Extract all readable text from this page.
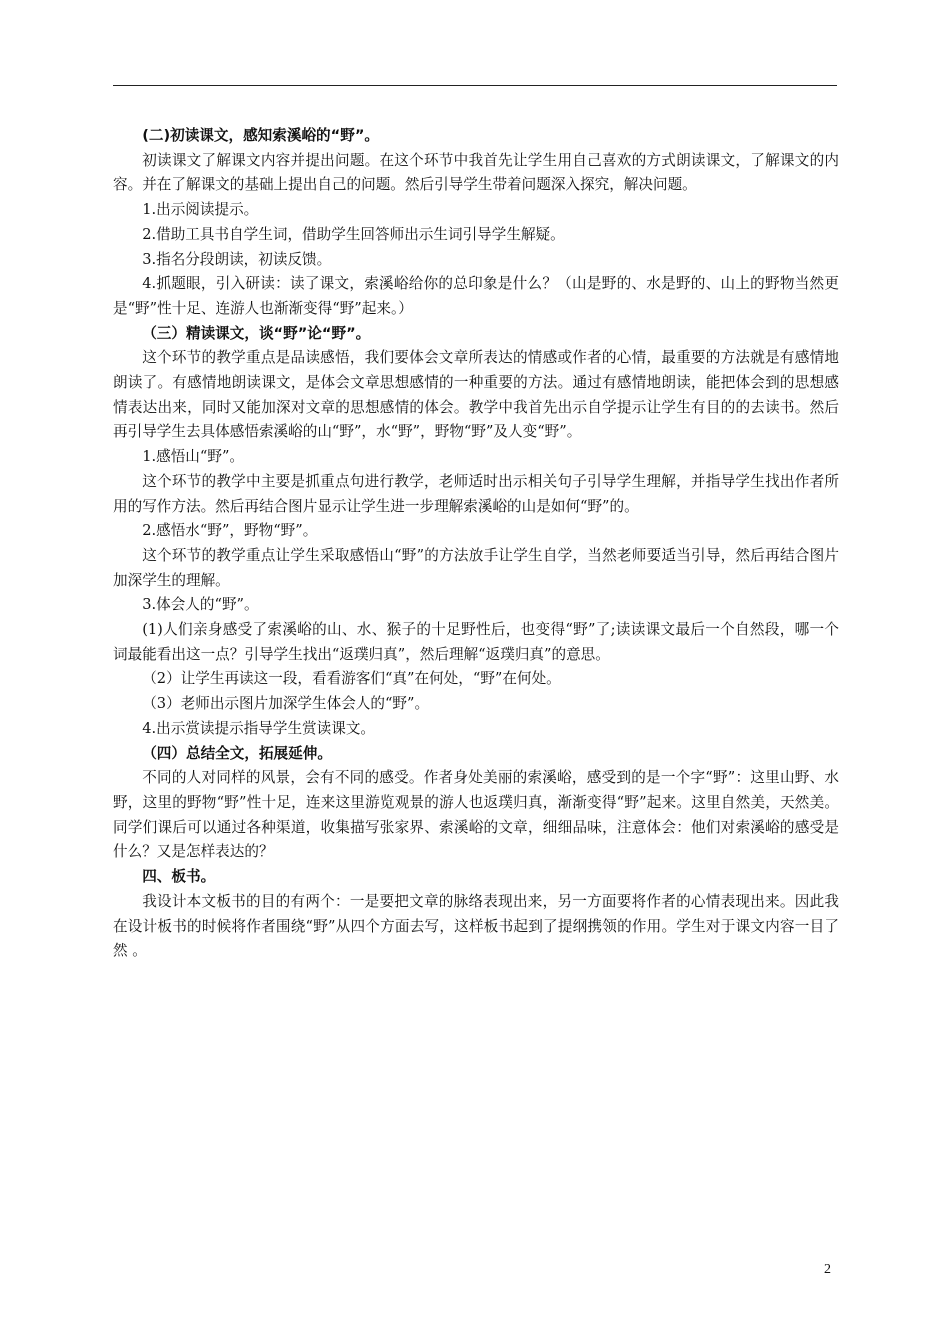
(二)初读课文，感知索溪峪的“野”。

初读课文了解课文内容并提出问题。在这个环节中我首先让学生用自己喜欢的方式朗读课文，了解课文的内容。并在了解课文的基础上提出自己的问题。然后引导学生带着问题深入探究，解决问题。

1.出示阅读提示。

2.借助工具书自学生词，借助学生回答师出示生词引导学生解疑。

3.指名分段朗读，初读反馈。

4.抓题眼，引入研读：读了课文，索溪峪给你的总印象是什么？（山是野的、水是野的、山上的野物当然更是“野”性十足、连游人也渐渐变得“野”起来。）

（三）精读课文，谈“野”论“野”。

这个环节的教学重点是品读感悟，我们要体会文章所表达的情感或作者的心情，最重要的方法就是有感情地朗读了。有感情地朗读课文，是体会文章思想感情的一种重要的方法。通过有感情地朗读，能把体会到的思想感情表达出来，同时又能加深对文章的思想感情的体会。教学中我首先出示自学提示让学生有目的的去读书。然后再引导学生去具体感悟索溪峪的山“野”，水“野”，野物“野”及人变“野”。

1.感悟山“野”。

这个环节的教学中主要是抓重点句进行教学，老师适时出示相关句子引导学生理解，并指导学生找出作者所用的写作方法。然后再结合图片显示让学生进一步理解索溪峪的山是如何“野”的。

2.感悟水“野”，野物“野”。

这个环节的教学重点让学生采取感悟山“野”的方法放手让学生自学，当然老师要适当引导，然后再结合图片加深学生的理解。

3.体会人的“野”。

(1)人们亲身感受了索溪峪的山、水、猴子的十足野性后，也变得“野”了;读读课文最后一个自然段，哪一个词最能看出这一点？引导学生找出“返璞归真”，然后理解“返璞归真”的意思。

（2）让学生再读这一段，看看游客们“真”在何处，“野”在何处。

（3）老师出示图片加深学生体会人的“野”。

4.出示赏读提示指导学生赏读课文。

（四）总结全文，拓展延伸。

不同的人对同样的风景，会有不同的感受。作者身处美丽的索溪峪，感受到的是一个字“野”：这里山野、水野，这里的野物“野”性十足，连来这里游览观景的游人也返璞归真，渐渐变得“野”起来。这里自然美，天然美。同学们课后可以通过各种渠道，收集描写张家界、索溪峪的文章，细细品味，注意体会：他们对索溪峪的感受是什么？又是怎样表达的？

四、板书。

我设计本文板书的目的有两个：一是要把文章的脉络表现出来，另一方面要将作者的心情表现出来。因此我在设计板书的时候将作者围绕“野”从四个方面去写，这样板书起到了提纲携领的作用。学生对于课文内容一目了然 。

2
